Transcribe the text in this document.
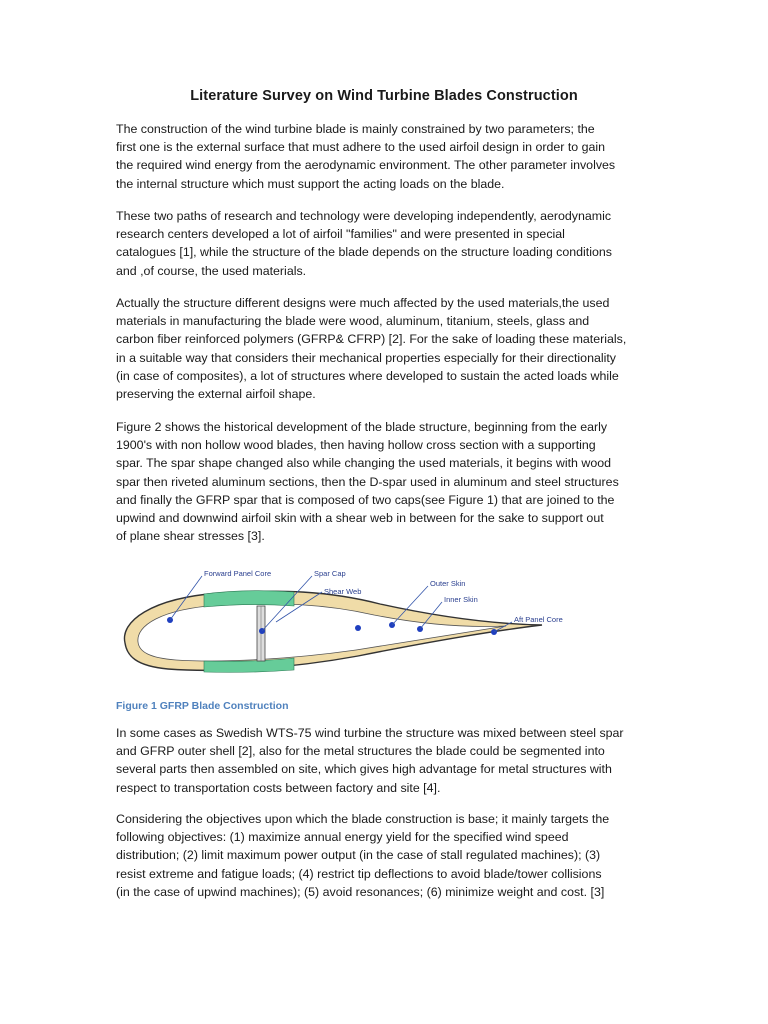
Literature Survey on Wind Turbine Blades Construction

The construction of the wind turbine blade is mainly constrained by two parameters; the
first one is the external surface that must adhere to the used airfoil design in order to gain
the required wind energy from the aerodynamic environment. The other parameter involves
the internal structure which must support the acting loads on the blade.

These two paths of research and technology were developing independently, aerodynamic
research centers developed a lot of airfoil "families" and were presented in special
catalogues [1], while the structure of the blade depends on the structure loading conditions
and ,of course, the used materials.

Actually the structure different designs were much affected by the used materials,the used
materials in manufacturing the blade were wood, aluminum, titanium, steels, glass and
carbon fiber reinforced polymers (GFRP& CFRP) [2]. For the sake of loading these materials,
in a suitable way that considers their mechanical properties especially for their directionality
(in case of composites), a lot of structures where developed to sustain the acted loads while
preserving the external airfoil shape.

Figure 2 shows the historical development of the blade structure, beginning from the early
1900's with non hollow wood blades, then having hollow cross section with a supporting
spar. The spar shape changed also while changing the used materials, it begins with wood
spar then riveted aluminum sections, then the D-spar used in aluminum and steel structures
and finally the GFRP spar that is composed of two caps(see Figure 1) that are joined to the
upwind and downwind airfoil skin with a shear web in between for the sake to support out
of plane shear stresses [3].

Forward Panel Core	Spar Cap
Shear Web
Outer Skin
Inner Skin
Aft Panel Core
Figure 1 GFRP Blade Construction

In some cases as Swedish WTS-75 wind turbine the structure was mixed between steel spar
and GFRP outer shell [2], also for the metal structures the blade could be segmented into
several parts then assembled on site, which gives high advantage for metal structures with
respect to transportation costs between factory and site [4].

Considering the objectives upon which the blade construction is base; it mainly targets the
following objectives: (1) maximize annual energy yield for the specified wind speed
distribution; (2) limit maximum power output (in the case of stall regulated machines); (3)
resist extreme and fatigue loads; (4) restrict tip deflections to avoid blade/tower collisions
(in the case of upwind machines); (5) avoid resonances; (6) minimize weight and cost. [3]
